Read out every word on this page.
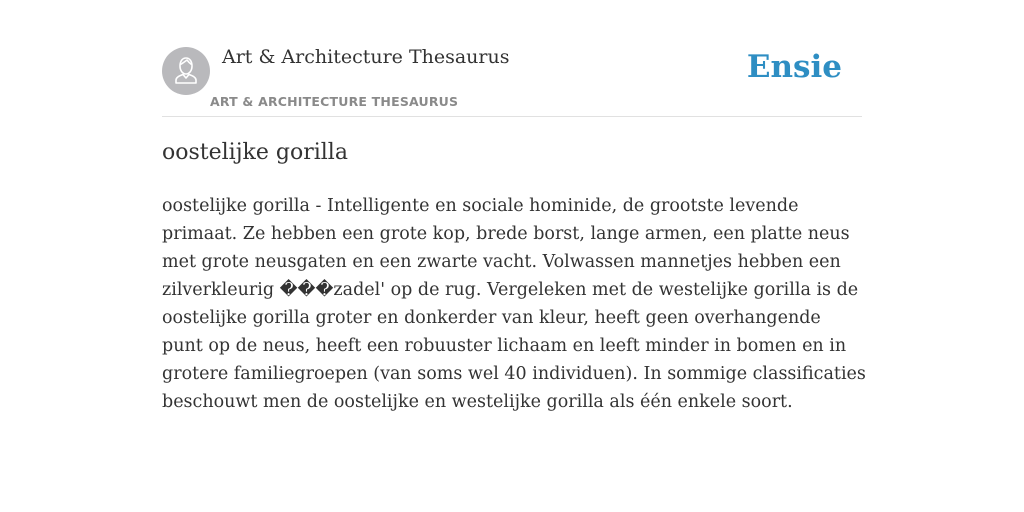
Art & Architecture Thesaurus
ART & ARCHITECTURE THESAURUS
Ensie
oostelijke gorilla

oostelijke gorilla - Intelligente en sociale hominide, de grootste levende primaat. Ze hebben een grote kop, brede borst, lange armen, een platte neus met grote neusgaten en een zwarte vacht. Volwassen mannetjes hebben een zilverkleurig ���zadel' op de rug. Vergeleken met de westelijke gorilla is de oostelijke gorilla groter en donkerder van kleur, heeft geen overhangende punt op de neus, heeft een robuuster lichaam en leeft minder in bomen en in grotere familiegroepen (van soms wel 40 individuen). In sommige classificaties beschouwt men de oostelijke en westelijke gorilla als één enkele soort.
